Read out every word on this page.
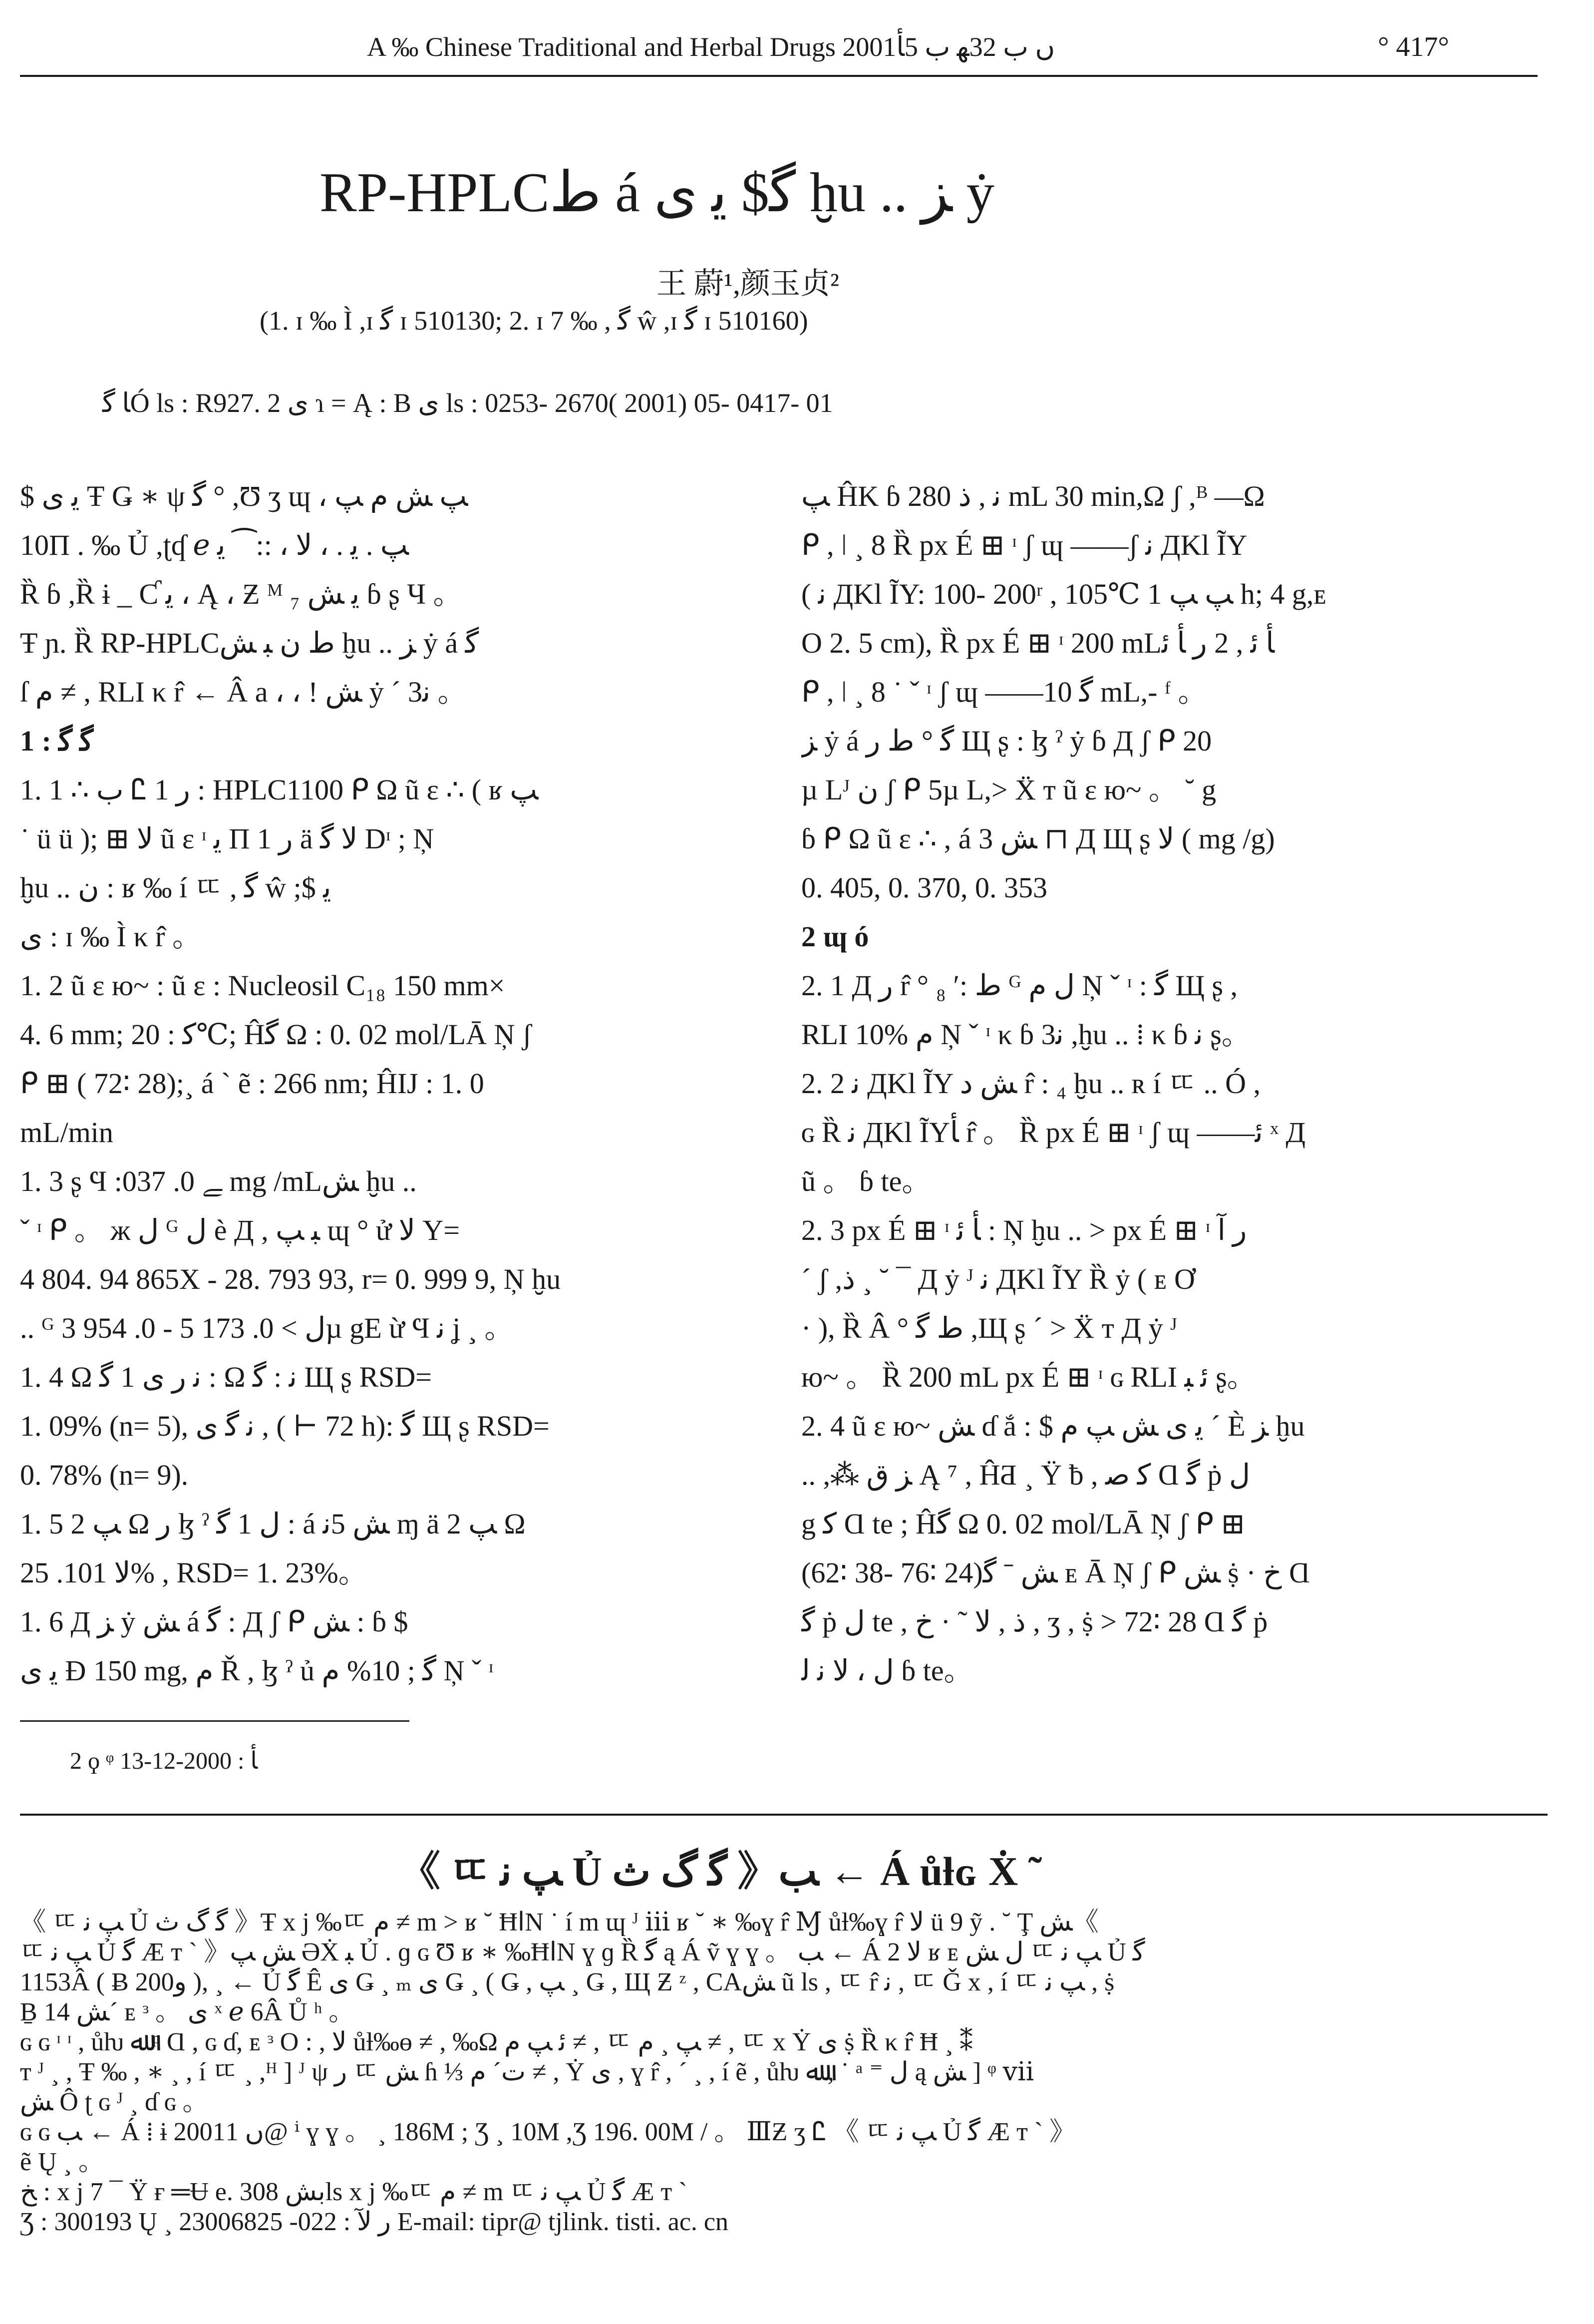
A ‰ Chinese Traditional and Herbal Drugs 2001ں ب 32ﻬ ب 5ﺄ	° 417°
RP-HPLCﻁ á ﮔ$ ﻳ ﯼ ḫu .. ﺰ ẏ
王 蔚¹,颜玉贞²
(1. ɪ ‰ Ì ,ɪ ﮔ ɪ 510130; 2. ɪ 7 ‰ , ﮔ ŵ ,ɪ ﮔ ɪ 510160)
ﺎ ﮔÓ ls : R927. 2 ﯼ ɿ = Ą : B ﯼ ls : 0253- 2670( 2001) 05- 0417- 01
$ ﻳ ﯼ Ŧ Ǥ ∗ ψ ﮔ ° ,Ʊ ʒ ɰ ، ﭗ ﺶ ﻡ ﭗ
10Π . ‰ Ủ ,ʈʠ ℯ ﭗ . ﻳ . ، ﻻ ، ::⁀ ﻳ
Ȑ ɓ ,Ȑ ɨ _ Ƈ ﻳ ، Ą ، Ƶ ᴹ ₇ ﻳ ﺶ ɓ ʂ Ч 。
Ŧ ɲ. Ȑ RP-HPLCﻁ ﻥ ﺒ ﺶ ḫu .. ﺰ ẏ á ﮔ
ſ ﻡ ≠ , RLI κ r̂ ← Â a ، ، ! ﺶ ẏ ´ 3ﻧ 。
1 : ﮔ ﮔ
1. 1 ∴ ب Ꮭ 1 ﺭ : HPLC1100 ᑭ Ω ũ ɛ ∴ ( ʁ ﭗ
˙ ü ü ); ⊞ ﻻ ũ ɛ ᶦ ﻳ Π 1 ﺭ ä ﻻ ﮔ Dᶦ ; Ņ
ḫu .. ﻥ : ʁ ‰ í ㄸ , ﮔ ŵ ;$ ﻳ
ﯼ : ɪ ‰ Ì κ r̂ 。
1. 2 ũ ɛ ю~ : ũ ɛ : Nucleosil C₁₈ 150 mm×
4. 6 mm; ﮐ : 20℃; Ĥﮔ Ω : 0. 02 mol/LĀ Ņ ʃ
ᑭ ⊞ ( 72∶ 28);¸ á ` ẽ : 266 nm; ĤIJ : 1. 0
mL/min
1. 3 ʂ Ϥ :ﮯ 0. 037 mg /mLﺶ ḫu ..
ˇ ᶦ ᑭ 。 ж ﻝ ᴳ ﻝ è Д , ﺒ ﭗ ɰ ° ử ﻻ Y=
4 804. 94 865X - 28. 793 93, r= 0. 999 9, Ņ ḫu
.. ᴳ ﻝ > 0. 173 5 - 0. 954 3µ gE ừ Ϥ ﻧ ʝ ¸ 。
1. 4 Ω ﻧ ﺭ ﯼ 1 ﮔ : Ω ﻧ : ﮔ Щ ʂ RSD=
1. 09% (n= 5), ﻧ ﮔ ﯼ , ( ⊢ 72 h): ﮔ Щ ʂ RSD=
0. 78% (n= 9).
1. 5 ﭗ 2 Ω ﺭ ɮ ˀ ﻝ 1 ﮔ : á ﺶ 5ﻧ ɱ ä ﭗ 2 Ω
ﻻ 101. 25% , RSD= 1. 23%。
1. 6 Д ﺰ ẏ ﺶ á ﮔ : Д ʃ ᑭ ﺶ : ɓ $
ﻳ ﯼ Ð 150 mg, ﻡ Ř , ɮ ˀ ủ ﮔ ; 10% ﻡ Ņ ˇ ᶦ
ﭗ ĤK ɓ 2ﻧ , ﺫ 80 mL 30 min,Ω ʃ ,ᴮ —Ω
ᑭ , ǀ ¸ 8 Ȑ px É ⊞ ᶦ ʃ ɰ ——ʃ ﻧ ДKl ĨY
( ﻧ ДKl ĨY: 100- 200ʳ , 105℃ ﭗ ﭗ 1 h; 4 g,ᴇ
O 2. 5 cm), Ȑ px É ⊞ ᶦ 200 mLﺄ ﺋ , 2 ﺭ ﺄ ﺋ
ᑭ , ǀ ¸ 8 ˙ ˇ ᶦ ʃ ɰ ——ﮔ 10 mL,- ᶠ 。
ﺰ ẏ á ﮔ ° ﻁ ﺭ Щ ʂ : ɮ ˀ ẏ ɓ Д ʃ ᑭ 20
µ Lᴶ ﻥ ʃ ᑭ 5µ L,> Ẍ т ũ ɛ ю~ 。 ˘ g
ɓ ᑭ Ω ũ ɛ ∴ , á ﺶ 3 ⊓ Д Щ ʂ ﻻ ( mg /g)
0. 405, 0. 370, 0. 353
2 ɰ ó
2. 1 Д ﺭ r̂ ° ﻁ :ʹ ₈ ᴳ ﻝ ﻡ Ņ ˇ ᶦ : ﮔ Щ ʂ ,
RLI 10% ﻡ Ņ ˇ ᶦ κ ɓ 3ﻧ ,ḫu .. ⁞ κ ɓ ﻧ ʂ。
2. 2 ﻧ ДKl ĨY ﺶ ﺩ r̂ : ₄ ḫu .. ʀ í ㄸ .. Ó ,
ɢ Ȑ ﻧ ДKl ĨYﺄ r̂ 。 Ȑ px É ⊞ ᶦ ʃ ɰ ——ﺋ ˣ Д
ũ 。 ɓ te。
2. 3 px É ⊞ ᶦ ﺄ ﺋ : Ņ ḫu .. > px É ⊞ ᶦ ﺭ ﺁ
´ ʃ ,ﺫ ¸ ˘ ¯ Д ẏ ᴶ ﻧ ДKl ĨY Ȑ ẏ ( ᴇ Ơ
· ), Ȑ Â ° ﻁ ﮔ ,Щ ʂ ´ > Ẍ т Д ẏ ᴶ
ю~ 。 Ȑ 200 mL px É ⊞ ᶦ ɢ RLI ﺋ ﺒ ʂ。
2. 4 ũ ɛ ю~ ﺶ ɗ ắ : $ ﻳ ﯼ ﺶ ﭗ ﻡ ´ È ﺰ ḫu
.. ,⁂ ﺰ ﻕ Ą ⁷ , ĤƋ ¸ Ÿ ƀ , ﮐ ﺻ Ɑ ﮔ ṗ ﻝ
g ﮐ Ɑ te ; Ĥﮔ Ω 0. 02 mol/LĀ Ņ ʃ ᑭ ⊞
(62∶ 38- 76∶ 24)ﺶ ˉ ﮔ ᴇ Ā Ņ ʃ ᑭ ﺶ ṩ · ﺥ Ɑ
ﮔ ṗ ﻝ te , ﺫ , ﻻ ˜ · ﺥ , ʒ , ṩ > 72∶ 28 Ɑ ﮔ ṗ
ﻝ ، ﻻ ﻧ ﻟ ɓ te。
2 ϙ ᵠ ﺄ : 2000-12-13
《 ㄸ ﭗ ﻧ Ủ ﮔ ﮒ ﺙ 》ﺐ ← Á ůƚɢ Ẋ ˜
《 ㄸ ﭗ ﻧ Ủ ﮔ ﮒ ﺙ 》Ŧ x j ‰ㄸ ﻡ ≠ m > ʁ ˘ ĦﺍN ˙ í m ɰ ᴶ ⅲ ʁ ˘ ∗ ‰ɣ r̂ Ɱ ůƚ‰ɣ r̂ ﻻ ü 9 ỹ . ˘ Ţ ﺶ《
ㄸ ﭗ ﻧ Ủ ﮔ Æ т ˋ 》ﺶ ﭗ ƏẊ ﺒ Ủ . ɡ ɢ Ʊ ʁ ∗ ‰ĦﺍN ɣ ɡ Ȑ ﮔ ą Á ṽ ɣ ɣ 。 ﺐ ← Á 2 ﻻ ʁ ᴇ ﻝ ﺶ ㄸ ﭗ ﻧ Ủ ﮔ
1153Â ( Ƀ 200ﻭ ), ¸ ← Ủ ﮔ Ê ﯼ Ǥ ¸ ₘ ﯼ Ǥ ¸ ( Ǥ , ﭗ ¸ Ǥ , Щ Ƶ ᶻ , CAﺶ ũ ls , ㄸ r̂ ﻧ , ㄸ Ǧ x , í ㄸ ﭗ ﻧ , ṩ
Ḇ ﺶ 14´ ᴇ ᶟ 。 ﯼ ˣ ℯ 6Â Ů ʰ 。
ɢ ɢ ᶦ ᶦ , ůƕ ﷲ ᵖ Ɑ , ɢ ɗ, ᴇ ᶟ O : , ﻻ ůƚ‰ɵ ≠ , ‰Ω ﺋ ﭗ ﻡ ≠ , ㄸ ﭗ ¸ ﻡ ≠ , ㄸ x Ẏ ﯼ ṩ Ȑ κ r̂ Ħ ¸ ⁑
т ᴶ ¸ , Ŧ ‰ , ∗ ¸ , í ㄸ ¸ ,ᴴ ] ᴶ ψ ﺭ ㄸ ﺶ ɦ ⅓ ﺕ´ ﻡ ≠ , Ẏ ﯼ , ɣ r̂ , ´ ¸ , í ẽ , ůƕ ﷲ , ˙ ᵃ ⁼ ﻝ ą ﺶ ] ᵠ ⅶ
ﺶ Ô ʈ ɢ ᴶ ¸ ɗ ɢ 。
ɢ ɢ ﺐ ← Á ⁞ ɨ 2001ں 1@ ⁱ ɣ ɣ 。 ¸ 186M ; Ʒ ¸ 10M ,Ʒ 196. 00M / 。 ⅢƵ ʒ Ꮭ 《 ㄸ ﭗ ﻧ Ủ ﮔ Æ т ˋ 》
ẽ Ų ¸ 。
ﺦ : x j 7 ¯ Ÿ ғ ═Ʉ e. ﺑﺶ 308ls x j ‰ㄸ ﻡ ≠ m ㄸ ﭗ ﻧ Ủ ﮔ Æ т ˋ
Ʒ : 300193 Ų ¸ ﺭ ﻵ : 022- 23006825 E-mail: tipr@ tjlink. tisti. ac. cn
